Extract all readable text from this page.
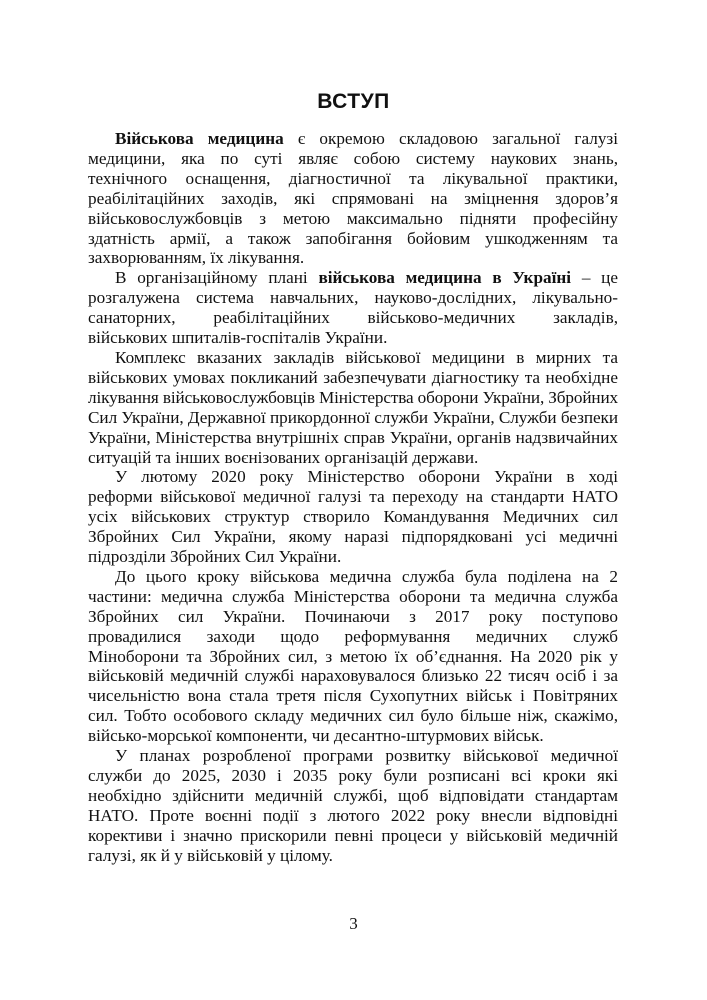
ВСТУП
Військова медицина є окремою складовою загальної галузі
медицини, яка по суті являє собою систему наукових знань,
технічного оснащення, діагностичної та лікувальної практики,
реабілітаційних заходів, які спрямовані на зміцнення здоров’я
військовослужбовців з метою максимально підняти професійну
здатність армії, а також запобігання бойовим ушкодженням та
захворюванням, їх лікування.
В організаційному плані військова медицина в Україні – це
розгалужена система навчальних, науково-дослідних, лікувально-
санаторних, реабілітаційних військово-медичних закладів,
військових шпиталів-госпіталів України.
Комплекс вказаних закладів військової медицини в мирних та
військових умовах покликаний забезпечувати діагностику та необхідне
лікування військовослужбовців Міністерства оборони України, Збройних
Сил України, Державної прикордонної служби України, Служби безпеки
України, Міністерства внутрішніх справ України, органів надзвичайних
ситуацій та інших воєнізованих організацій держави.
У лютому 2020 року Міністерство оборони України в ході
реформи військової медичної галузі та переходу на стандарти НАТО
усіх військових структур створило Командування Медичних сил
Збройних Сил України, якому наразі підпорядковані усі медичні
підрозділи Збройних Сил України.
До цього кроку військова медична служба була поділена на 2
частини: медична служба Міністерства оборони та медична служба
Збройних сил України. Починаючи з 2017 року поступово
провадилися заходи щодо реформування медичних служб
Міноборони та Збройних сил, з метою їх об’єднання. На 2020 рік у
військовій медичній службі нараховувалося близько 22 тисяч осіб і за
чисельністю вона стала третя після Сухопутних військ і Повітряних
сил. Тобто особового складу медичних сил було більше ніж, скажімо,
військо-морської компоненти, чи десантно-штурмових військ.
У планах розробленої програми розвитку військової медичної
служби до 2025, 2030 і 2035 року були розписані всі кроки які
необхідно здійснити медичній службі, щоб відповідати стандартам
НАТО. Проте воєнні події з лютого 2022 року внесли відповідні
корективи і значно прискорили певні процеси у військовій медичній
галузі, як й у військовій у цілому.
3
